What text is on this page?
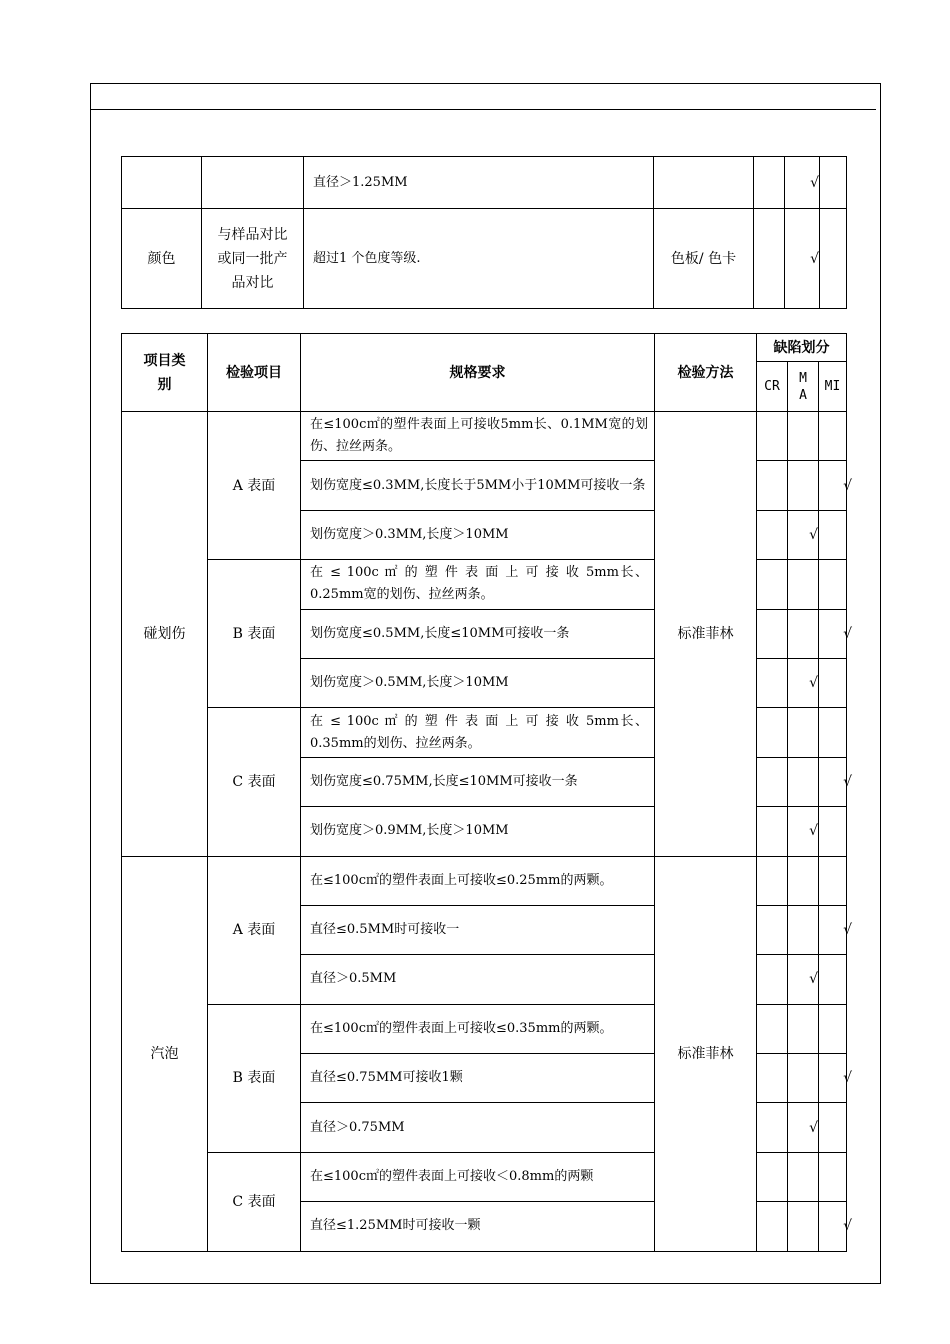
		直径＞1.25MM			√	
颜色	与样品对比或同一批产品对比	超过1 个色度等级.	色板/ 色卡		√	
项目类别	检验项目	规格要求	检验方法	缺陷划分		
				CR	MA	MI
碰划伤	A 表面	在≤100c㎡的塑件表面上可接收5mm长、0.1MM宽的划伤、拉丝两条。	标准菲林			
		划伤宽度≤0.3MM,长度长于5MM小于10MM可接收一条				√
		划伤宽度＞0.3MM,长度＞10MM			√	
	B 表面	在 ≤ 100c ㎡ 的 塑 件 表 面 上 可 接 收 5mm长、0.25mm宽的划伤、拉丝两条。				
		划伤宽度≤0.5MM,长度≤10MM可接收一条				√
		划伤宽度＞0.5MM,长度＞10MM			√	
	C 表面	在 ≤ 100c ㎡ 的 塑 件 表 面 上 可 接 收 5mm长、0.35mm的划伤、拉丝两条。				
		划伤宽度≤0.75MM,长度≤10MM可接收一条				√
		划伤宽度＞0.9MM,长度＞10MM			√	
汽泡	A 表面	在≤100c㎡的塑件表面上可接收≤0.25mm的两颗。	标准菲林			
		直径≤0.5MM时可接收一				√
		直径＞0.5MM			√	
	B 表面	在≤100c㎡的塑件表面上可接收≤0.35mm的两颗。				
		直径≤0.75MM可接收1颗				√
		直径＞0.75MM			√	
	C 表面	在≤100c㎡的塑件表面上可接收＜0.8mm的两颗				
		直径≤1.25MM时可接收一颗				√
